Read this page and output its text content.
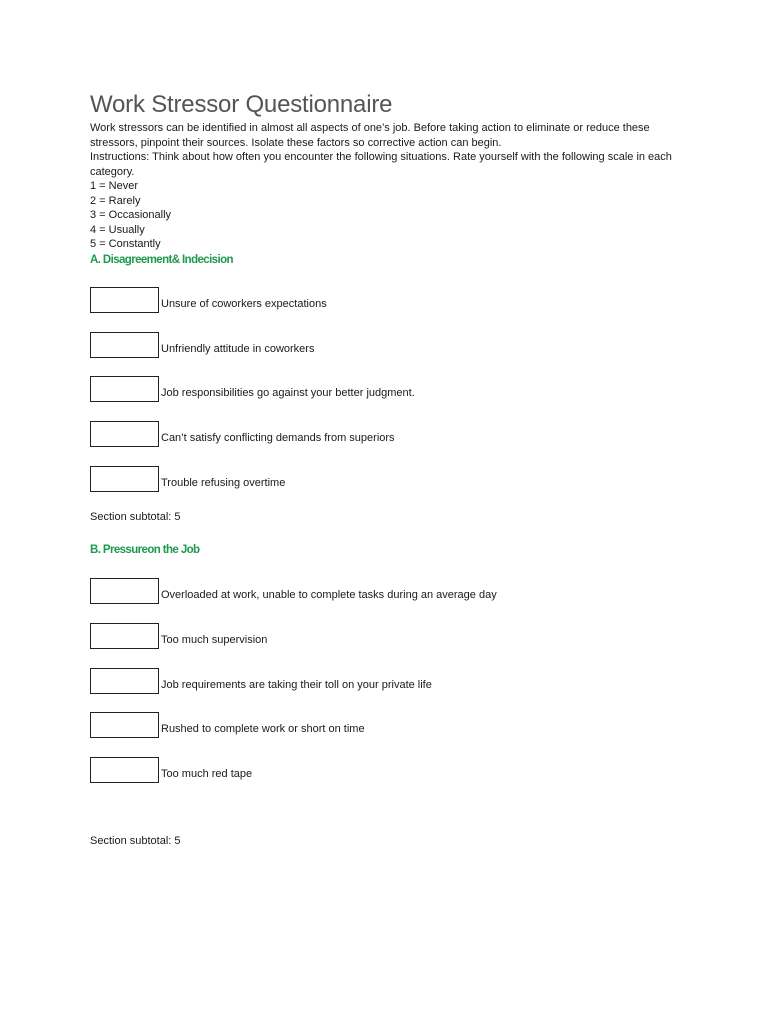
Work Stressor Questionnaire

Work stressors can be identified in almost all aspects of one’s job. Before taking action to eliminate or reduce these stressors, pinpoint their sources. Isolate these factors so corrective action can begin.

Instructions: Think about how often you encounter the following situations. Rate yourself with the following scale in each category.

1 = Never
2 = Rarely
3 = Occasionally
4 = Usually
5 = Constantly
A. Disagreement& Indecision
Unsure of coworkers expectations
Unfriendly attitude in coworkers
Job responsibilities go against your better judgment.
Can’t satisfy conflicting demands from superiors
Trouble refusing overtime

Section subtotal: 5

B. Pressureon the Job
Overloaded at work, unable to complete tasks during an average day
Too much supervision
Job requirements are taking their toll on your private life
Rushed to complete work or short on time
Too much red tape

Section subtotal: 5
